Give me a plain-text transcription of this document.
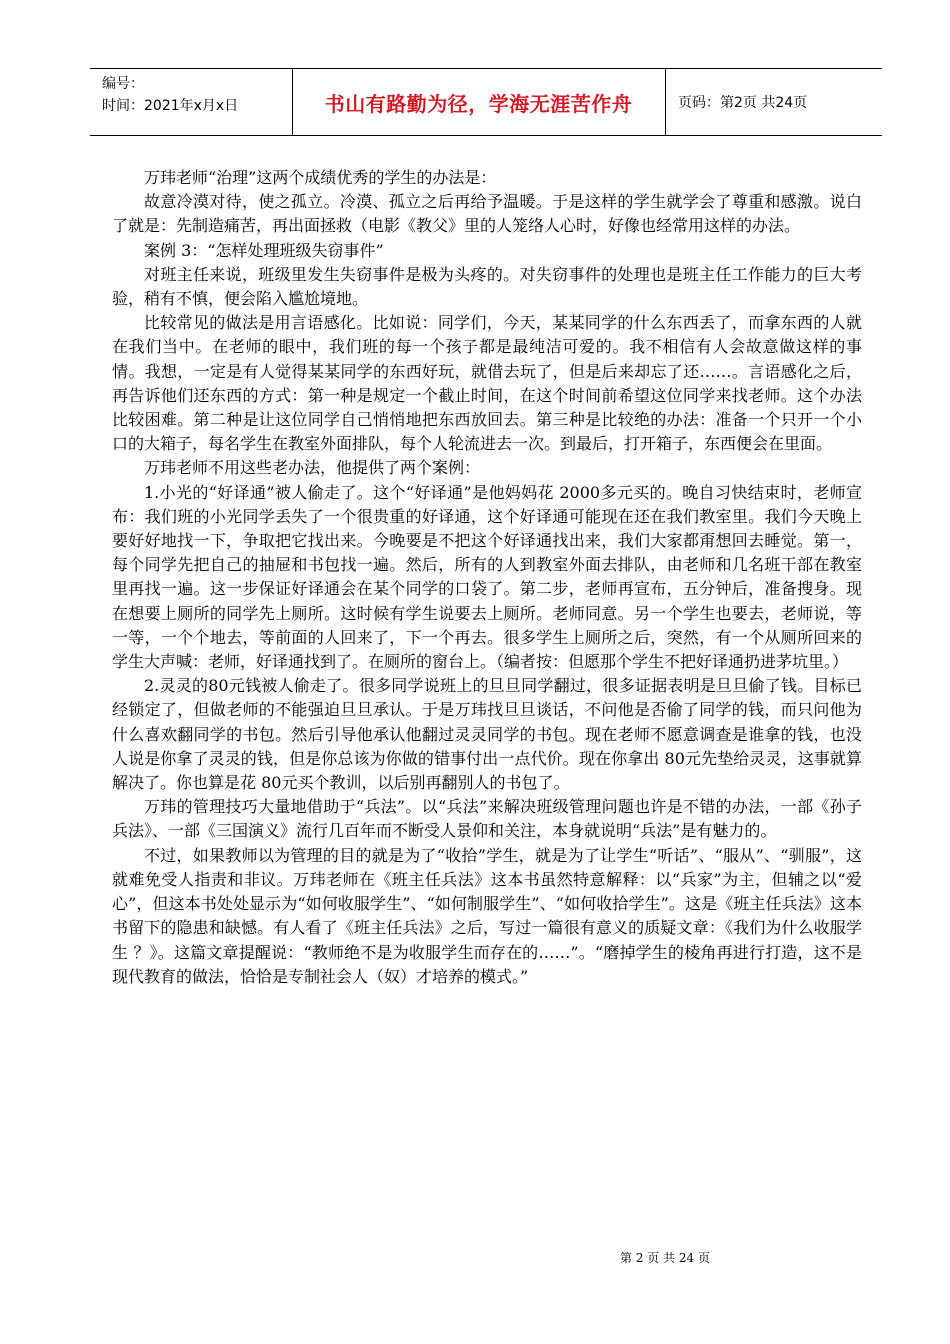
编号：
时间：2021年x月x日	书山有路勤为径，学海无涯苦作舟	页码：第2页 共24页

万玮老师“治理”这两个成绩优秀的学生的办法是：

故意冷漠对待，使之孤立。冷漠、孤立之后再给予温暖。于是这样的学生就学会了尊重和感激。说白了就是：先制造痛苦，再出面拯救（电影《教父》里的人笼络人心时，好像也经常用这样的办法。

案例 3：“怎样处理班级失窃事件”

对班主任来说，班级里发生失窃事件是极为头疼的。对失窃事件的处理也是班主任工作能力的巨大考验，稍有不慎，便会陷入尴尬境地。

比较常见的做法是用言语感化。比如说：同学们，今天，某某同学的什么东西丢了，而拿东西的人就在我们当中。在老师的眼中，我们班的每一个孩子都是最纯洁可爱的。我不相信有人会故意做这样的事情。我想，一定是有人觉得某某同学的东西好玩，就借去玩了，但是后来却忘了还……。言语感化之后，再告诉他们还东西的方式：第一种是规定一个截止时间，在这个时间前希望这位同学来找老师。这个办法比较困难。第二种是让这位同学自己悄悄地把东西放回去。第三种是比较绝的办法：准备一个只开一个小口的大箱子，每名学生在教室外面排队，每个人轮流进去一次。到最后，打开箱子，东西便会在里面。

万玮老师不用这些老办法，他提供了两个案例：

1.小光的“好译通”被人偷走了。这个“好译通”是他妈妈花 2000多元买的。晚自习快结束时，老师宣布：我们班的小光同学丢失了一个很贵重的好译通，这个好译通可能现在还在我们教室里。我们今天晚上要好好地找一下，争取把它找出来。今晚要是不把这个好译通找出来，我们大家都甭想回去睡觉。第一，每个同学先把自己的抽屉和书包找一遍。然后，所有的人到教室外面去排队，由老师和几名班干部在教室里再找一遍。这一步保证好译通会在某个同学的口袋了。第二步，老师再宣布，五分钟后，准备搜身。现在想要上厕所的同学先上厕所。这时候有学生说要去上厕所。老师同意。另一个学生也要去，老师说，等一等，一个个地去，等前面的人回来了，下一个再去。很多学生上厕所之后，突然，有一个从厕所回来的学生大声喊：老师，好译通找到了。在厕所的窗台上。（编者按：但愿那个学生不把好译通扔进茅坑里。）

2.灵灵的80元钱被人偷走了。很多同学说班上的旦旦同学翻过，很多证据表明是旦旦偷了钱。目标已经锁定了，但做老师的不能强迫旦旦承认。于是万玮找旦旦谈话，不问他是否偷了同学的钱，而只问他为什么喜欢翻同学的书包。然后引导他承认他翻过灵灵同学的书包。现在老师不愿意调查是谁拿的钱，也没人说是你拿了灵灵的钱，但是你总该为你做的错事付出一点代价。现在你拿出 80元先垫给灵灵，这事就算解决了。你也算是花 80元买个教训，以后别再翻别人的书包了。

万玮的管理技巧大量地借助于“兵法”。以“兵法”来解决班级管理问题也许是不错的办法，一部《孙子兵法》、一部《三国演义》流行几百年而不断受人景仰和关注，本身就说明“兵法”是有魅力的。

不过，如果教师以为管理的目的就是为了“收拾”学生，就是为了让学生“听话”、“服从”、“驯服”，这就难免受人指责和非议。万玮老师在《班主任兵法》这本书虽然特意解释：以“兵家”为主，但辅之以“爱心”，但这本书处处显示为“如何收服学生”、“如何制服学生”、“如何收拾学生”。这是《班主任兵法》这本书留下的隐患和缺憾。有人看了《班主任兵法》之后，写过一篇很有意义的质疑文章：《我们为什么收服学生 ？》。这篇文章提醒说：“教师绝不是为收服学生而存在的……”。“磨掉学生的棱角再进行打造，这不是现代教育的做法，恰恰是专制社会人（奴）才培养的模式。”

第 2 页 共 24 页
